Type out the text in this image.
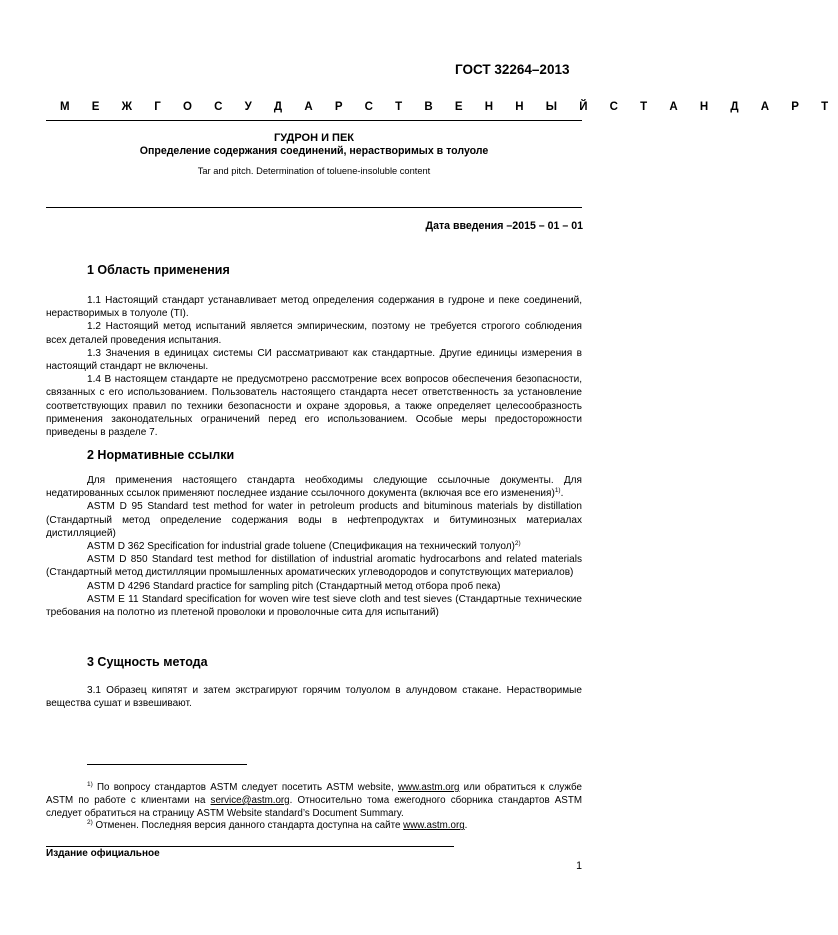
ГОСТ 32264–2013
М Е Ж Г О С У Д А Р С Т В Е Н Н Ы Й С Т А Н Д А Р Т
ГУДРОН И ПЕК
Определение содержания соединений, нерастворимых в толуоле
Tar and pitch. Determination of toluene-insoluble content
Дата введения –2015 – 01 – 01
1 Область применения

1.1 Настоящий стандарт устанавливает метод определения содержания в гудроне и пеке соединений, нерастворимых в толуоле (TI).

1.2 Настоящий метод испытаний является эмпирическим, поэтому не требуется строгого соблюдения всех деталей проведения испытания.

1.3 Значения в единицах системы СИ рассматривают как стандартные. Другие единицы измерения в настоящий стандарт не включены.

1.4 В настоящем стандарте не предусмотрено рассмотрение всех вопросов обеспечения безопасности, связанных с его использованием. Пользователь настоящего стандарта несет ответственность за установление соответствующих правил по техники безопасности и охране здоровья, а также определяет целесообразность применения законодательных ограничений перед его использованием. Особые меры предосторожности приведены в разделе 7.

2 Нормативные ссылки

Для применения настоящего стандарта необходимы следующие ссылочные документы. Для недатированных ссылок применяют последнее издание ссылочного документа (включая все его изменения)$^{1)}$.

ASTM D 95 Standard test method for water in petroleum products and bituminous materials by distillation (Стандартный метод определение содержания воды в нефтепродуктах и битуминозных материалах дистилляцией)

ASTM D 362 Specification for industrial grade toluene (Спецификация на технический толуол)$^{2)}$

ASTM D 850 Standard test method for distillation of industrial aromatic hydrocarbons and related materials (Стандартный метод дистилляции промышленных ароматических углеводородов и сопутствующих материалов)

ASTM D 4296 Standard practice for sampling pitch (Стандартный метод отбора проб пека)

ASTM E 11 Standard specification for woven wire test sieve cloth and test sieves (Стандартные технические требования на полотно из плетеной проволоки и проволочные сита для испытаний)

3 Сущность метода

3.1 Образец кипятят и затем экстрагируют горячим толуолом в алундовом стакане. Нерастворимые вещества сушат и взвешивают.

$^{1)}$ По вопросу стандартов ASTM следует посетить ASTM website, www.astm.org или обратиться к службе ASTM по работе с клиентами на service@astm.org. Относительно тома ежегодного сборника стандартов ASTM следует обратиться на страницу ASTM Website standard’s Document Summary.

$^{2)}$ Отменен. Последняя версия данного стандарта доступна на сайте www.astm.org.

Издание официальное
1
